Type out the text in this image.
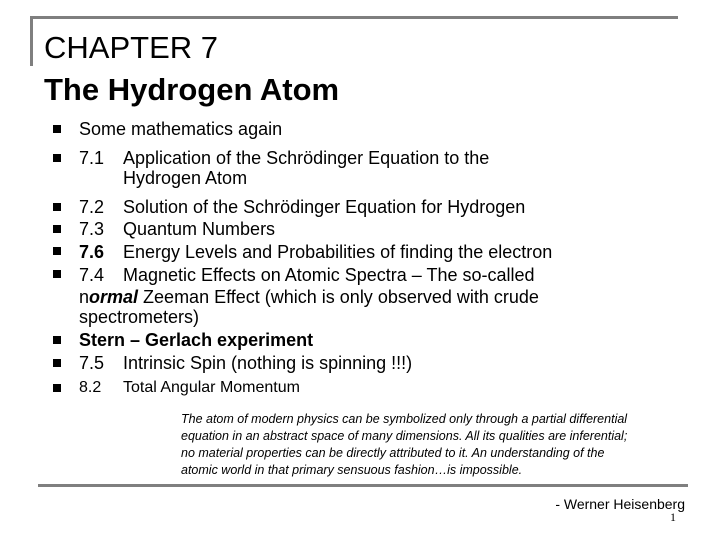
CHAPTER 7
The Hydrogen Atom
Some mathematics again
7.1 Application of the Schrödinger Equation to the
Hydrogen Atom
7.2 Solution of the Schrödinger Equation for Hydrogen
7.3 Quantum Numbers
7.6 Energy Levels and Probabilities of finding the electron
7.4 Magnetic Effects on Atomic Spectra – The so-called
normal Zeeman Effect (which is only observed with crude
spectrometers)
Stern – Gerlach experiment
7.5 Intrinsic Spin (nothing is spinning !!!)
8.2 Total Angular Momentum
The atom of modern physics can be symbolized only through a partial differential
equation in an abstract space of many dimensions. All its qualities are inferential;
no material properties can be directly attributed to it. An understanding of the
atomic world in that primary sensuous fashion…is impossible.
- Werner Heisenberg
1
